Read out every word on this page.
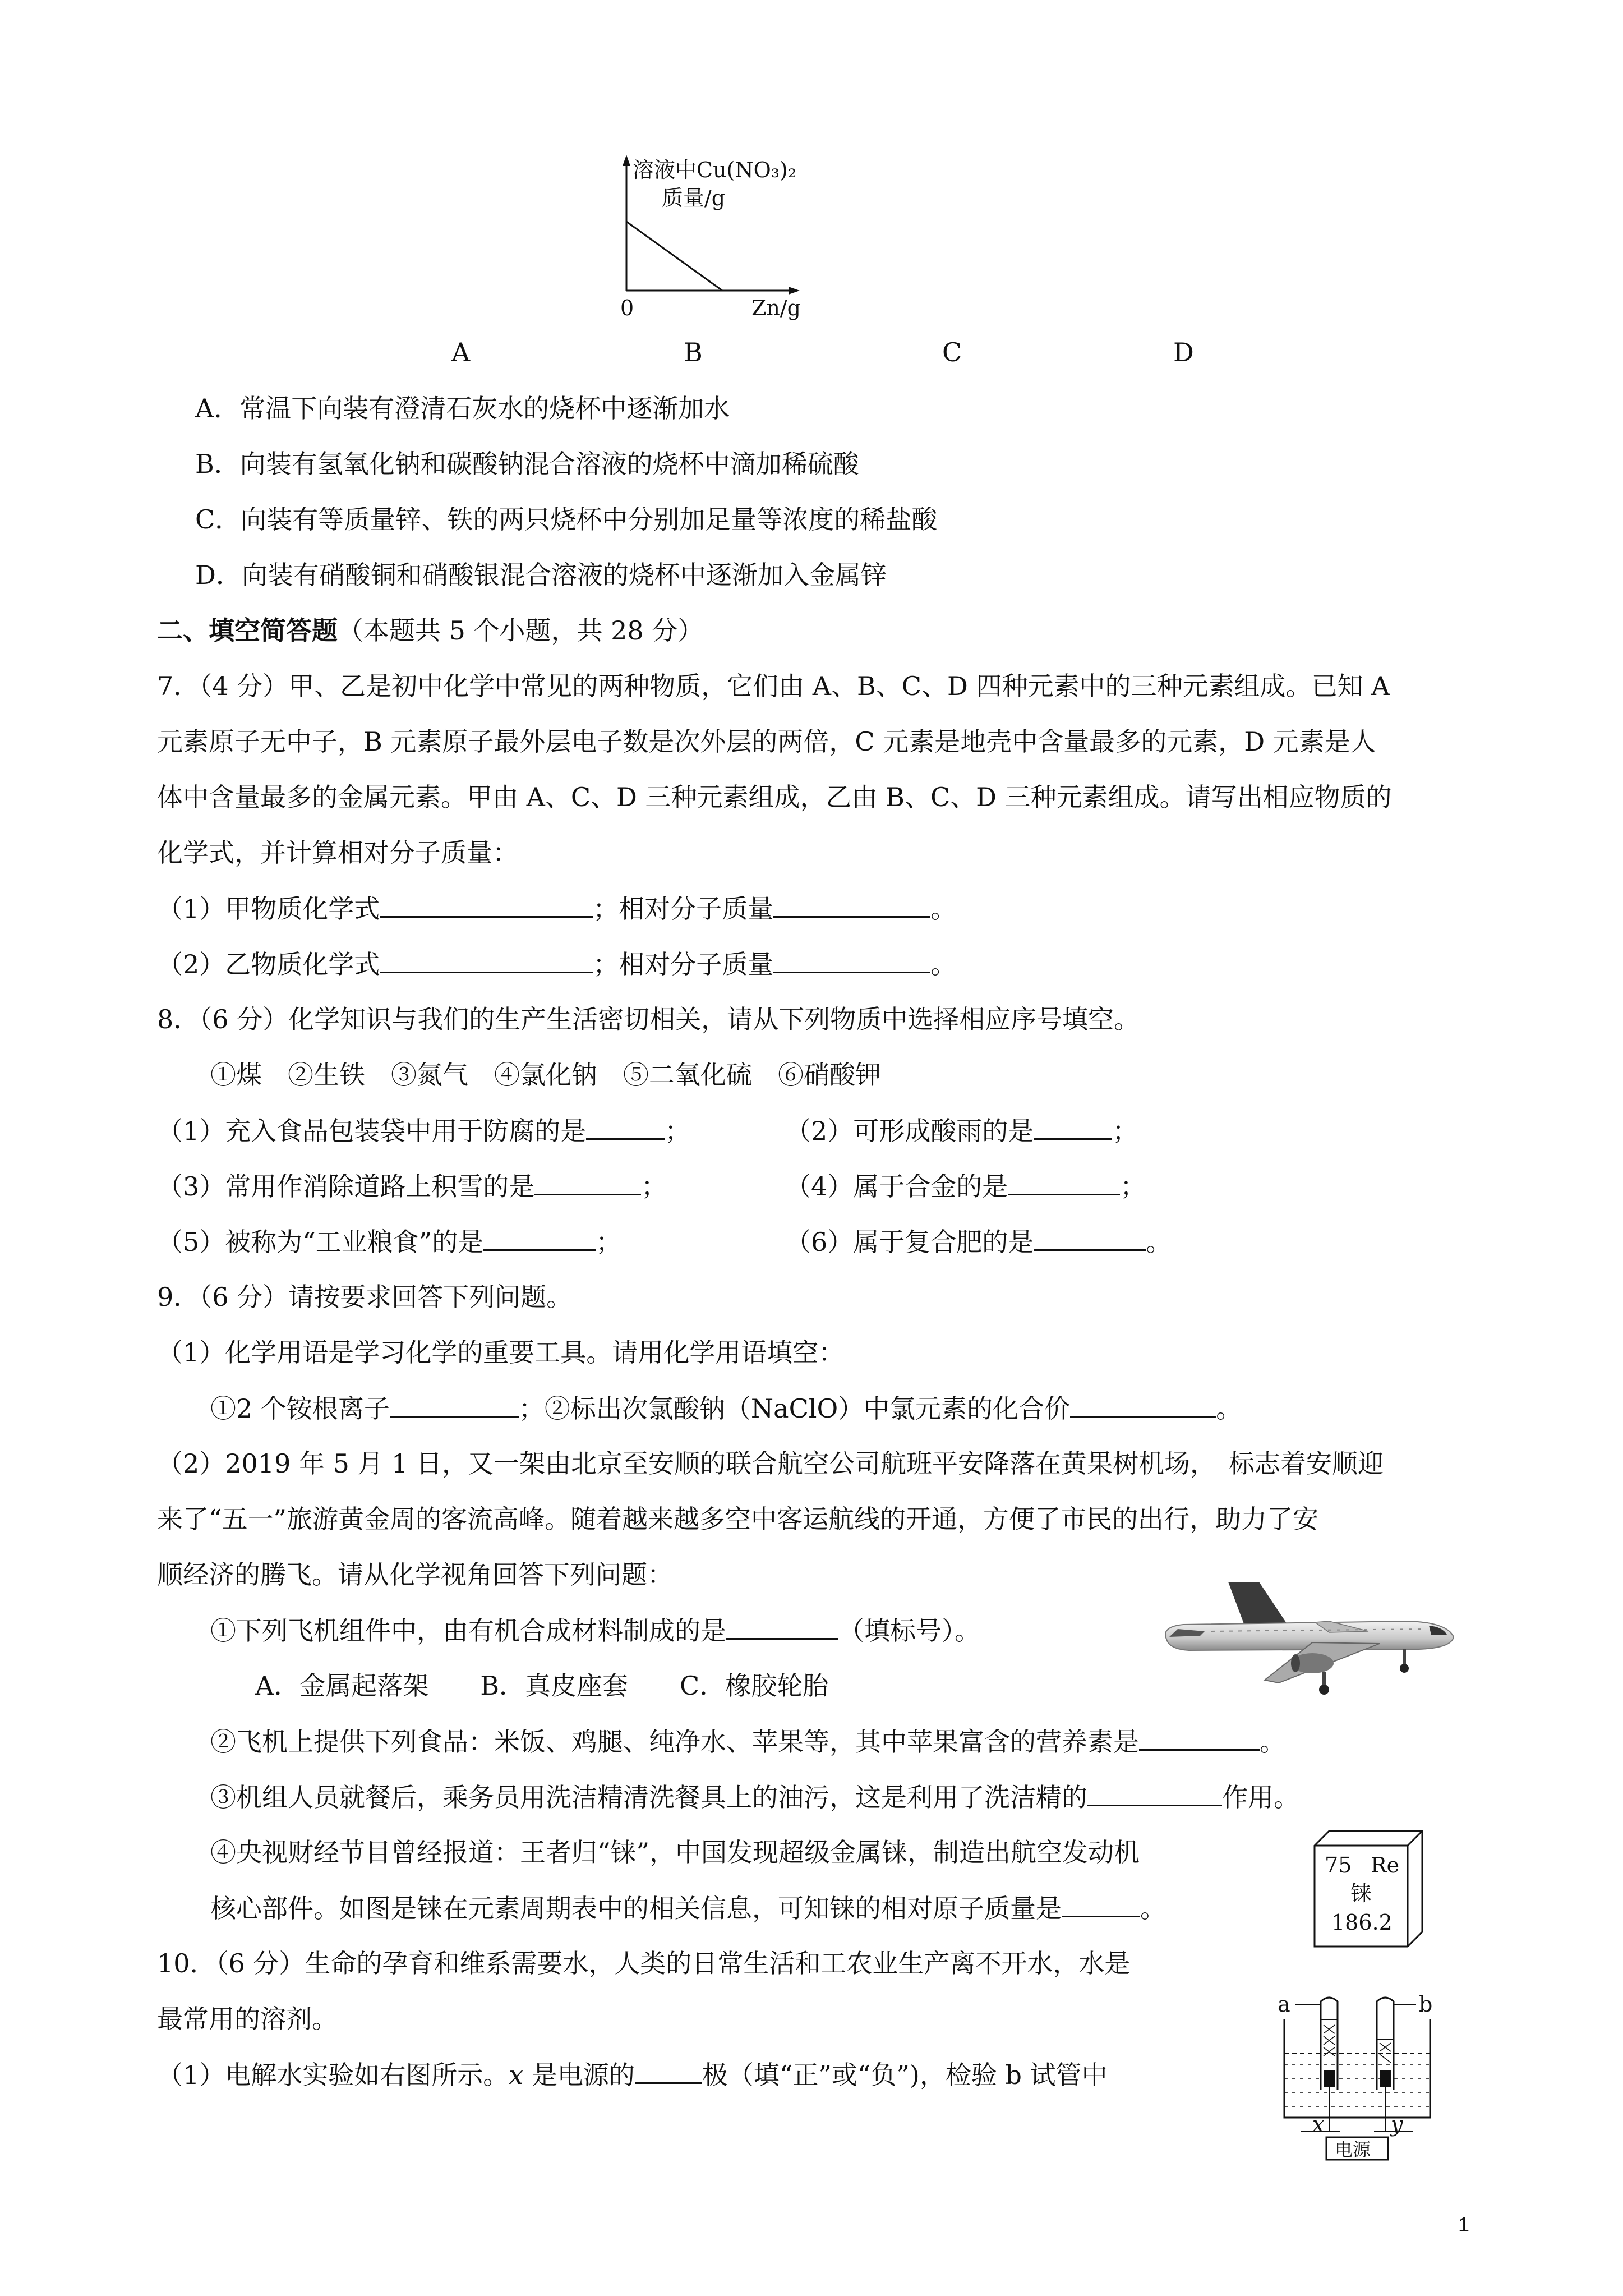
溶液中Cu(NO₃)₂
质量/g
0	Zn/g
A	B	C	D
A．常温下向装有澄清石灰水的烧杯中逐渐加水
B．向装有氢氧化钠和碳酸钠混合溶液的烧杯中滴加稀硫酸
C．向装有等质量锌、铁的两只烧杯中分别加足量等浓度的稀盐酸
D．向装有硝酸铜和硝酸银混合溶液的烧杯中逐渐加入金属锌
二、填空简答题（本题共 5 个小题，共 28 分）
7．（4 分）甲、乙是初中化学中常见的两种物质，它们由 A、B、C、D 四种元素中的三种元素组成。已知 A
元素原子无中子，B 元素原子最外层电子数是次外层的两倍，C 元素是地壳中含量最多的元素，D 元素是人
体中含量最多的金属元素。甲由 A、C、D 三种元素组成，乙由 B、C、D 三种元素组成。请写出相应物质的
化学式，并计算相对分子质量：
（1）甲物质化学式	；相对分子质量	。
（2）乙物质化学式	；相对分子质量	。
8．（6 分）化学知识与我们的生产生活密切相关，请从下列物质中选择相应序号填空。
①煤　②生铁　③氮气　④氯化钠　⑤二氧化硫　⑥硝酸钾
（1）充入食品包装袋中用于防腐的是	；	（2）可形成酸雨的是	；
（3）常用作消除道路上积雪的是	；	（4）属于合金的是	；
（5）被称为“工业粮食”的是	；	（6）属于复合肥的是	。
9．（6 分）请按要求回答下列问题。
（1）化学用语是学习化学的重要工具。请用化学用语填空：
①2 个铵根离子	；②标出次氯酸钠（NaClO）中氯元素的化合价	。
（2）2019 年 5 月 1 日，又一架由北京至安顺的联合航空公司航班平安降落在黄果树机场，　标志着安顺迎
来了“五一”旅游黄金周的客流高峰。随着越来越多空中客运航线的开通，方便了市民的出行，助力了安
顺经济的腾飞。请从化学视角回答下列问题：
①下列飞机组件中，由有机合成材料制成的是	（填标号）。
A．金属起落架　　B．真皮座套　　C．橡胶轮胎
②飞机上提供下列食品：米饭、鸡腿、纯净水、苹果等，其中苹果富含的营养素是	。
③机组人员就餐后，乘务员用洗洁精清洗餐具上的油污，这是利用了洗洁精的	作用。
④央视财经节目曾经报道：王者归“铼”，中国发现超级金属铼，制造出航空发动机
核心部件。如图是铼在元素周期表中的相关信息，可知铼的相对原子质量是	。
75 Re
铼
186.2
10．（6 分）生命的孕育和维系需要水，人类的日常生活和工农业生产离不开水，水是
最常用的溶剂。
（1）电解水实验如右图所示。x 是电源的	极（填“正”或“负”)，检验 b 试管中
a	b
x	y
电源
1
